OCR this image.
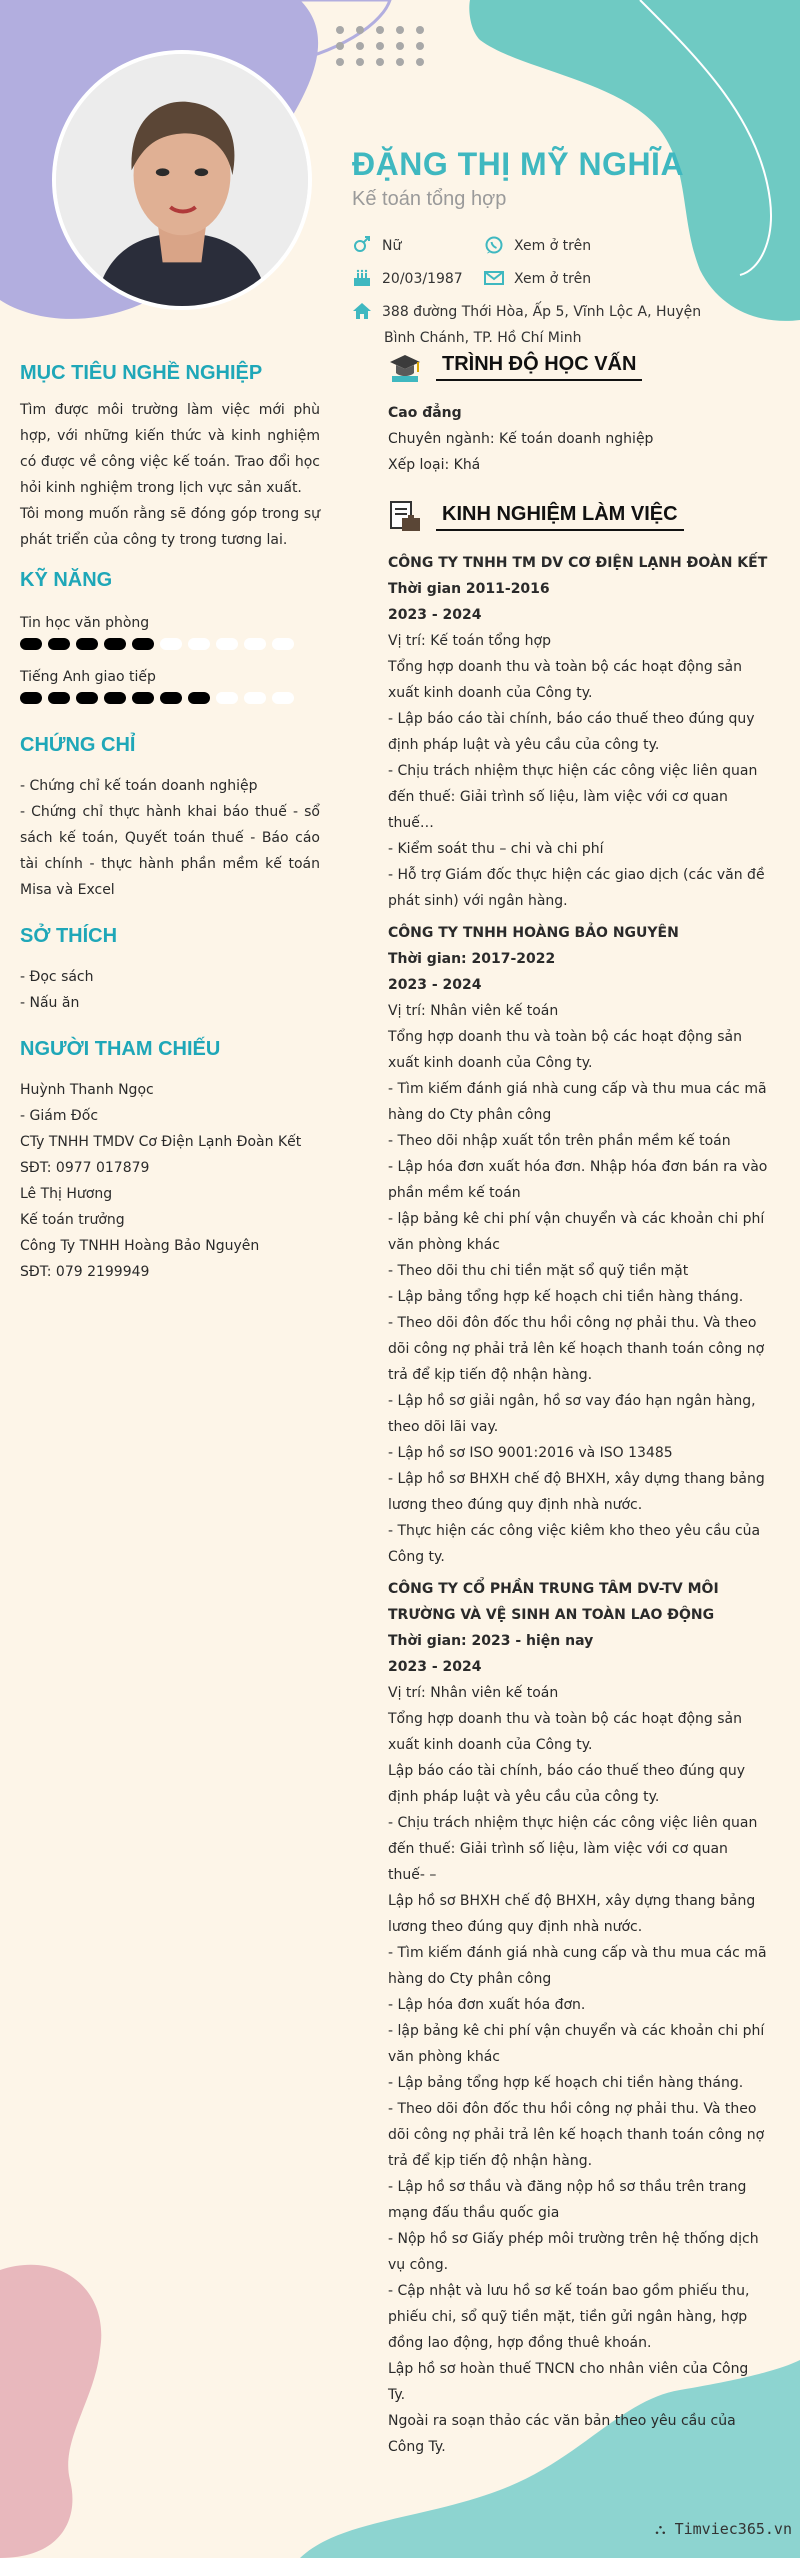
ĐẶNG THỊ MỸ NGHĨA
Kế toán tổng hợp
Nữ	Xem ở trên
20/03/1987	Xem ở trên
388 đường Thới Hòa, Ấp 5, Vĩnh Lộc A, Huyện
Bình Chánh, TP. Hồ Chí Minh
MỤC TIÊU NGHỀ NGHIỆP

Tìm được môi trường làm việc mới phù hợp, với những kiến thức và kinh nghiệm có được về công việc kế toán. Trao đổi học hỏi kinh nghiệm trong lịch vực sản xuất.

Tôi mong muốn rằng sẽ đóng góp trong sự phát triển của công ty trong tương lai.

KỸ NĂNG
Tin học văn phòng
Tiếng Anh giao tiếp
CHỨNG CHỈ

- Chứng chỉ kế toán doanh nghiệp

- Chứng chỉ thực hành khai báo thuế - sổ sách kế toán, Quyết toán thuế - Báo cáo tài chính - thực hành phần mềm kế toán Misa và Excel

SỞ THÍCH
- Đọc sách
- Nấu ăn
NGƯỜI THAM CHIẾU
Huỳnh Thanh Ngọc
- Giám Đốc
CTy TNHH TMDV Cơ Điện Lạnh Đoàn Kết
SĐT: 0977 017879
Lê Thị Hương
Kế toán trưởng
Công Ty TNHH Hoàng Bảo Nguyên
SĐT: 079 2199949
TRÌNH ĐỘ HỌC VẤN
Cao đẳng
Chuyên ngành: Kế toán doanh nghiệp
Xếp loại: Khá
KINH NGHIỆM LÀM VIỆC
CÔNG TY TNHH TM DV CƠ ĐIỆN LẠNH ĐOÀN KẾT
Thời gian 2011-2016
2023 - 2024
Vị trí: Kế toán tổng hợp
Tổng hợp doanh thu và toàn bộ các hoạt động sản xuất kinh doanh của Công ty.
- Lập báo cáo tài chính, báo cáo thuế theo đúng quy định pháp luật và yêu cầu của công ty.
- Chịu trách nhiệm thực hiện các công việc liên quan đến thuế: Giải trình số liệu, làm việc với cơ quan thuế…
- Kiểm soát thu – chi và chi phí
- Hỗ trợ Giám đốc thực hiện các giao dịch (các văn đề phát sinh) với ngân hàng.
CÔNG TY TNHH HOÀNG BẢO NGUYÊN
Thời gian: 2017-2022
2023 - 2024
Vị trí: Nhân viên kế toán
Tổng hợp doanh thu và toàn bộ các hoạt động sản xuất kinh doanh của Công ty.
- Tìm kiếm đánh giá nhà cung cấp và thu mua các mã hàng do Cty phân công
- Theo dõi nhập xuất tồn trên phần mềm kế toán
- Lập hóa đơn xuất hóa đơn. Nhập hóa đơn bán ra vào phần mềm kế toán
- lập bảng kê chi phí vận chuyển và các khoản chi phí văn phòng khác
- Theo dõi thu chi tiền mặt sổ quỹ tiền mặt
- Lập bảng tổng hợp kế hoạch chi tiền hàng tháng.
- Theo dõi đôn đốc thu hồi công nợ phải thu. Và theo dõi công nợ phải trả lên kế hoạch thanh toán công nợ trả để kịp tiến độ nhận hàng.
- Lập hồ sơ giải ngân, hồ sơ vay đáo hạn ngân hàng, theo dõi lãi vay.
- Lập hồ sơ ISO 9001:2016 và ISO 13485
- Lập hồ sơ BHXH chế độ BHXH, xây dựng thang bảng lương theo đúng quy định nhà nước.
- Thực hiện các công việc kiêm kho theo yêu cầu của Công ty.
CÔNG TY CỔ PHẦN TRUNG TÂM DV-TV MÔI TRƯỜNG VÀ VỆ SINH AN TOÀN LAO ĐỘNG
Thời gian: 2023 - hiện nay
2023 - 2024
Vị trí: Nhân viên kế toán
Tổng hợp doanh thu và toàn bộ các hoạt động sản xuất kinh doanh của Công ty.
Lập báo cáo tài chính, báo cáo thuế theo đúng quy định pháp luật và yêu cầu của công ty.
- Chịu trách nhiệm thực hiện các công việc liên quan đến thuế: Giải trình số liệu, làm việc với cơ quan thuế- –
Lập hồ sơ BHXH chế độ BHXH, xây dựng thang bảng lương theo đúng quy định nhà nước.
- Tìm kiếm đánh giá nhà cung cấp và thu mua các mã hàng do Cty phân công
- Lập hóa đơn xuất hóa đơn.
- lập bảng kê chi phí vận chuyển và các khoản chi phí văn phòng khác
- Lập bảng tổng hợp kế hoạch chi tiền hàng tháng.
- Theo dõi đôn đốc thu hồi công nợ phải thu. Và theo dõi công nợ phải trả lên kế hoạch thanh toán công nợ trả để kịp tiến độ nhận hàng.
- Lập hồ sơ thầu và đăng nộp hồ sơ thầu trên trang mạng đấu thầu quốc gia
- Nộp hồ sơ Giấy phép môi trường trên hệ thống dịch vụ công.
- Cập nhật và lưu hồ sơ kế toán bao gồm phiếu thu, phiếu chi, sổ quỹ tiền mặt, tiền gửi ngân hàng, hợp đồng lao động, hợp đồng thuê khoán.
Lập hồ sơ hoàn thuế TNCN cho nhân viên của Công Ty.
Ngoài ra soạn thảo các văn bản theo yêu cầu của Công Ty.
⛬ Timviec365.vn
